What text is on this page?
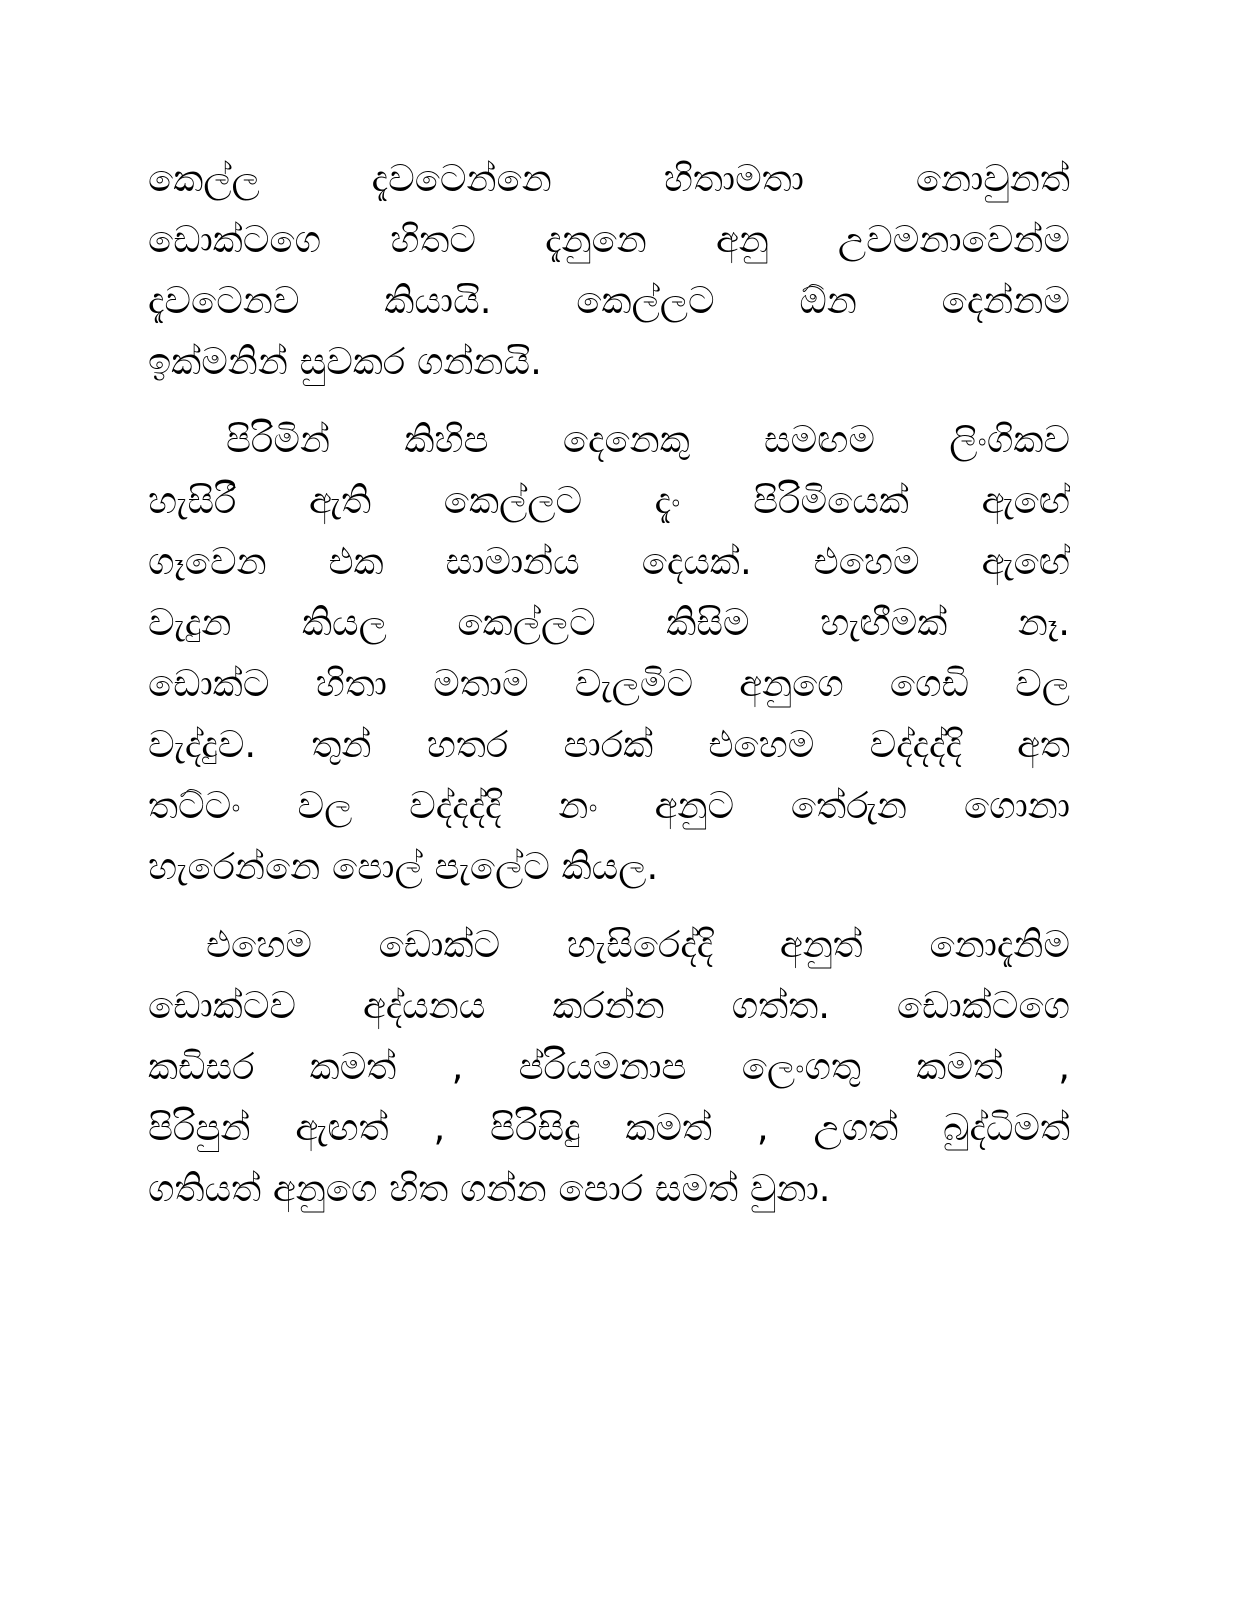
කෙල්ල දැවටෙන්නෙ හිතාමතා නොවුනත්
ඩොක්ටගෙ හිතට දැනුනෙ අනු උවමනාවෙන්ම
දැවටෙනව කියායි. කෙල්ලට ඕන දෙන්නම
ඉක්මනින් සුවකර ගන්නයි.

පිරිමින් කිහිප දෙනෙකු සමඟම ලිංගිකව
හැසිරී ඇති කෙල්ලට දැං පිරිමියෙක් ඇඟේ
ගෑවෙන එක සාමාන්ය දෙයක්. එහෙම ඇඟේ
වැදුන කියල කෙල්ලට කිසිම හැඟීමක් නෑ.
ඩොක්ට හිතා මතාම වැලමිට අනුගෙ ගෙඩි වල
වැද්දුව. තුන් හතර පාරක් එහෙම වද්දද්දි අත
තට්ටං වල වද්දද්දි නං අනුට තේරුන ගොනා
හැරෙන්නෙ පොල් පැලේට කියල.

එහෙම ඩොක්ට හැසිරෙද්දි අනුත් නොදැනිම
ඩොක්ටව අද්යනය කරන්න ගත්ත. ඩොක්ටගෙ
කඩිසර කමත් , ප්රියමනාප ලෙංගතු කමත් ,
පිරිපුන් ඇඟත් , පිරිසිදු කමත් , උගත් බුද්ධිමත්
ගතියත් අනුගෙ හිත ගන්න පොර සමත් වුනා.
